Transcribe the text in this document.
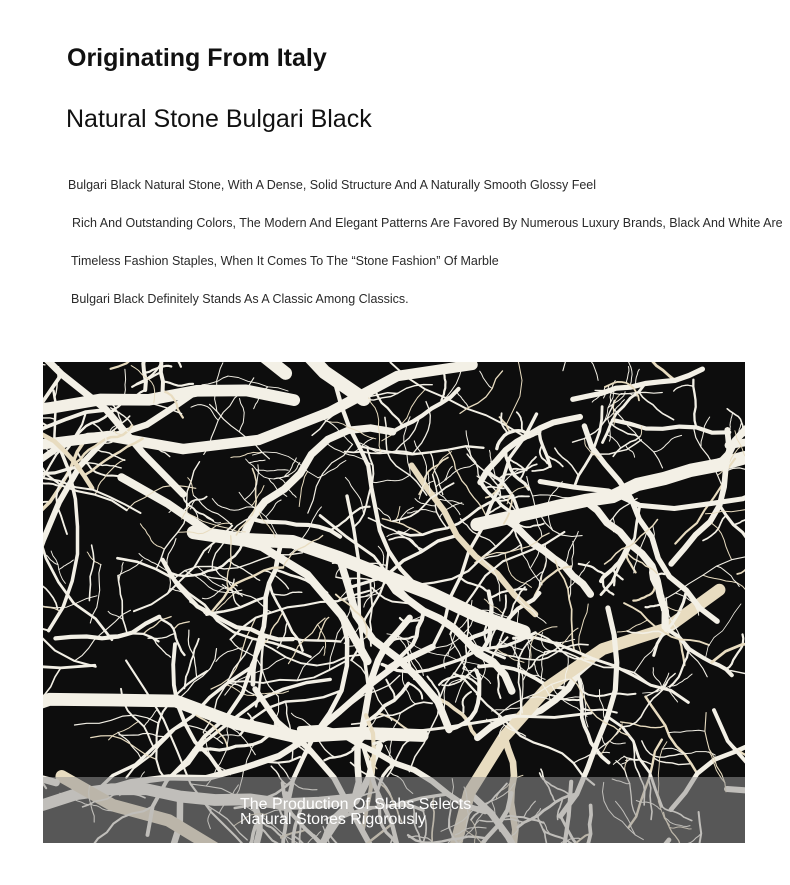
Originating From Italy
Natural Stone Bulgari Black
Bulgari Black Natural Stone, With A Dense, Solid Structure And A Naturally Smooth Glossy Feel
Rich And Outstanding Colors, The Modern And Elegant Patterns Are Favored By Numerous Luxury Brands, Black And White Are
Timeless Fashion Staples, When It Comes To The “Stone Fashion” Of Marble
Bulgari Black Definitely Stands As A Classic Among Classics.
The Production Of Slabs Selects
Natural Stones Rigorously
